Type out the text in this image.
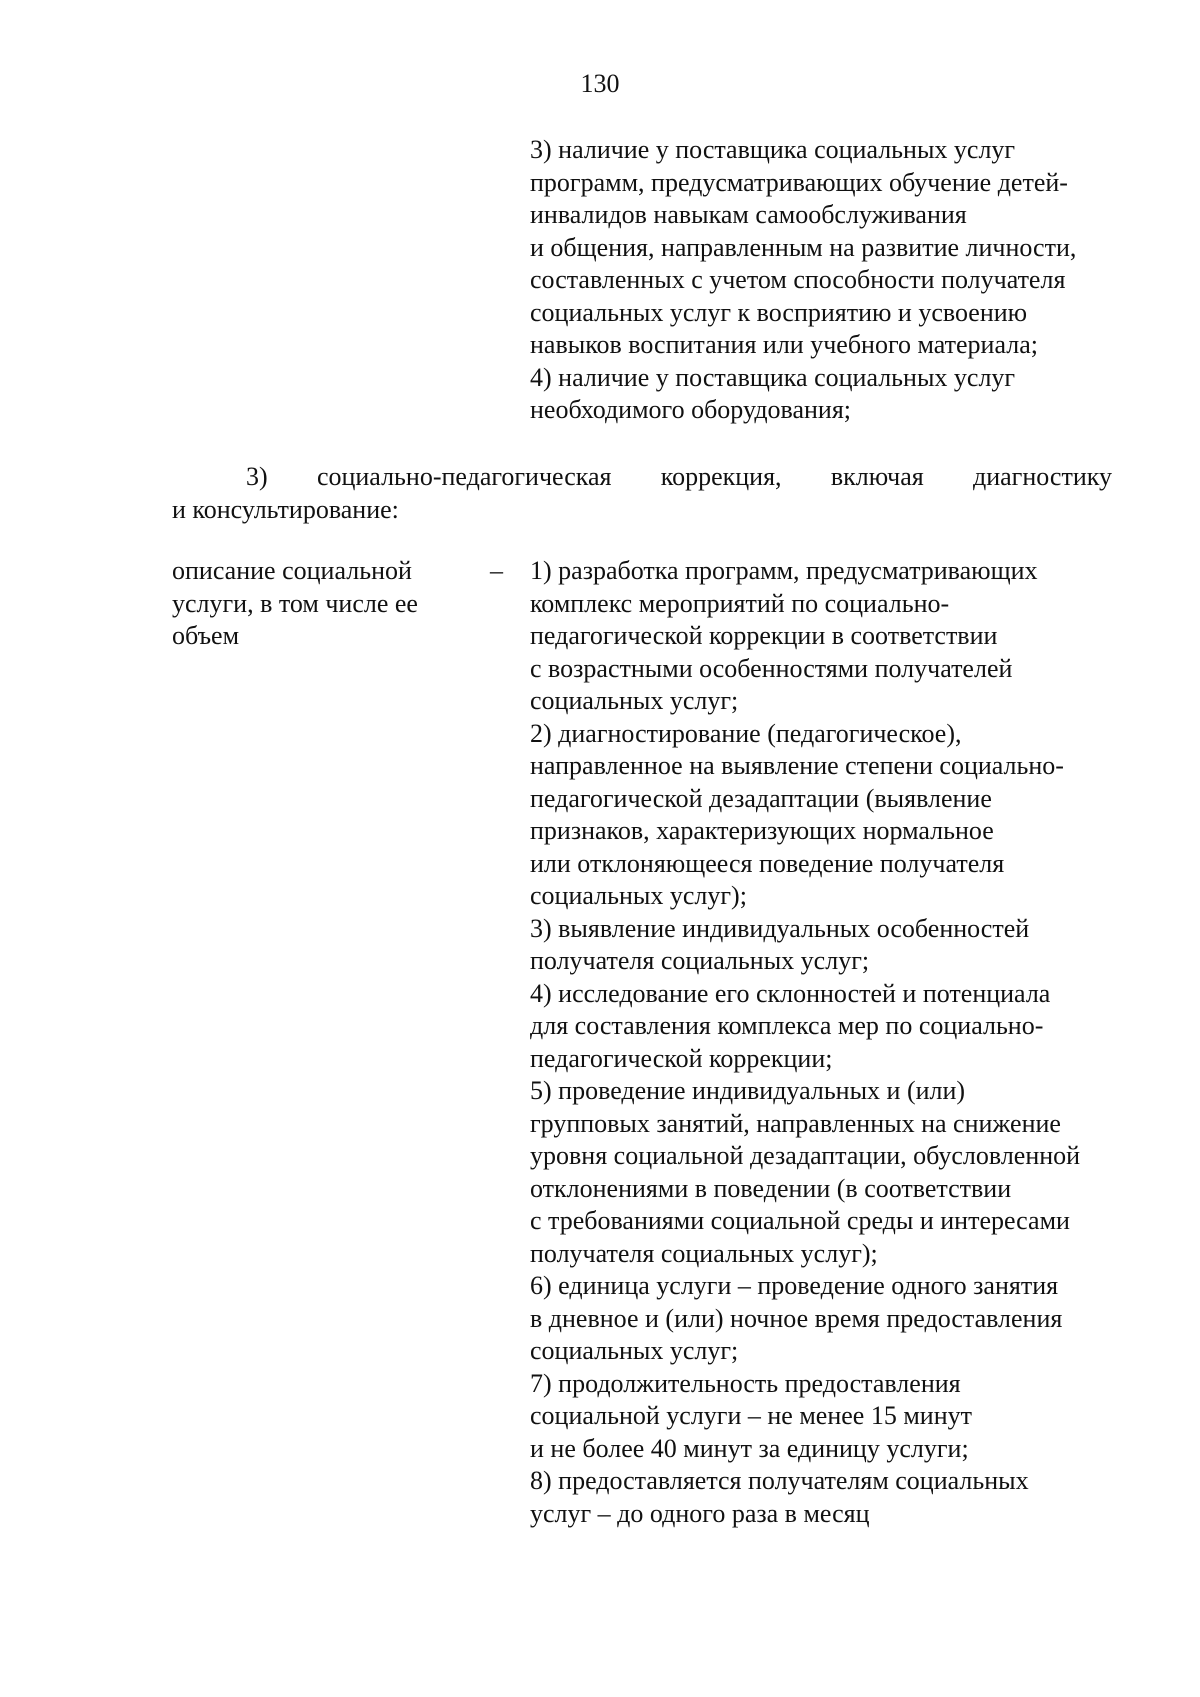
130
3) наличие у поставщика социальных услуг
программ, предусматривающих обучение детей-
инвалидов навыкам самообслуживания
и общения, направленным на развитие личности,
составленных с учетом способности получателя
социальных услуг к восприятию и усвоению
навыков воспитания или учебного материала;
4) наличие у поставщика социальных услуг
необходимого оборудования;
3) социально-педагогическая коррекция, включая диагностику
и консультирование:
описание социальной
услуги, в том числе ее
объем
– 1) разработка программ, предусматривающих
комплекс мероприятий по социально-
педагогической коррекции в соответствии
с возрастными особенностями получателей
социальных услуг;
2) диагностирование (педагогическое),
направленное на выявление степени социально-
педагогической дезадаптации (выявление
признаков, характеризующих нормальное
или отклоняющееся поведение получателя
социальных услуг);
3) выявление индивидуальных особенностей
получателя социальных услуг;
4) исследование его склонностей и потенциала
для составления комплекса мер по социально-
педагогической коррекции;
5) проведение индивидуальных и (или)
групповых занятий, направленных на снижение
уровня социальной дезадаптации, обусловленной
отклонениями в поведении (в соответствии
с требованиями социальной среды и интересами
получателя социальных услуг);
6) единица услуги – проведение одного занятия
в дневное и (или) ночное время предоставления
социальных услуг;
7) продолжительность предоставления
социальной услуги – не менее 15 минут
и не более 40 минут за единицу услуги;
8) предоставляется получателям социальных
услуг – до одного раза в месяц
